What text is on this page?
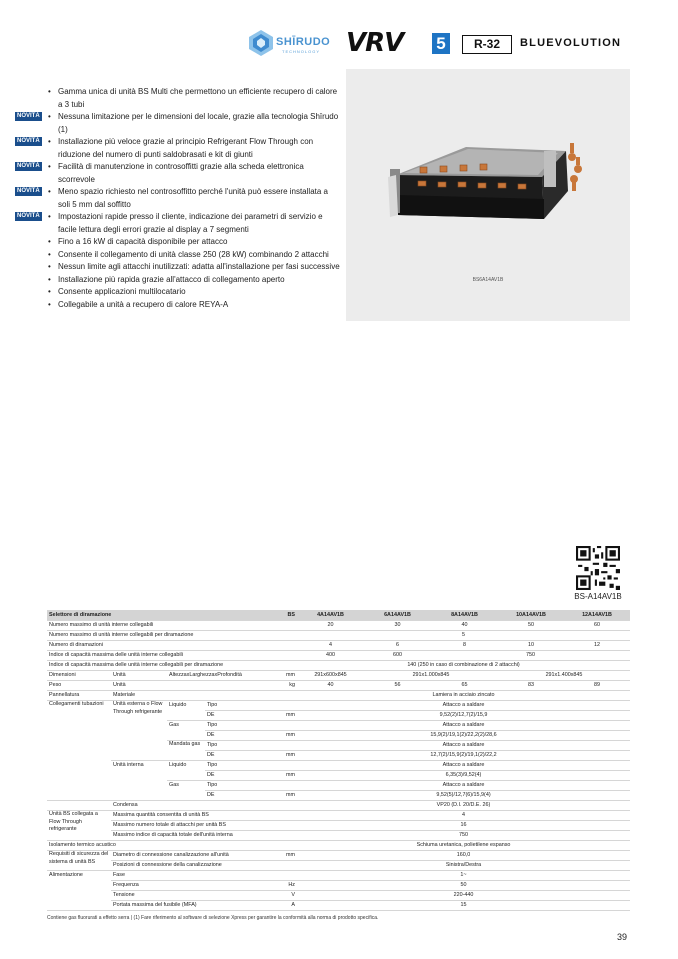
SHĪRUDO
TECHNOLOGY VRV 5	R-32	BLUEVOLUTION
• Gamma unica di unità BS Multi che permettono un efficiente recupero di calore a 3 tubi
NOVITÀ • Nessuna limitazione per le dimensioni del locale, grazie alla tecnologia Shīrudo (1)
NOVITÀ • Installazione più veloce grazie al principio Refrigerant Flow Through con riduzione del numero di punti saldobrasati e kit di giunti
NOVITÀ • Facilità di manutenzione in controsoffitti grazie alla scheda elettronica scorrevole
NOVITÀ • Meno spazio richiesto nel controsoffitto perché l'unità può essere installata a soli 5 mm dal soffitto
NOVITÀ • Impostazioni rapide presso il cliente, indicazione dei parametri di servizio e facile lettura degli errori grazie al display a 7 segmenti
• Fino a 16 kW di capacità disponibile per attacco
• Consente il collegamento di unità classe 250 (28 kW) combinando 2 attacchi
• Nessun limite agli attacchi inutilizzati: adatta all'installazione per fasi successive
• Installazione più rapida grazie all'attacco di collegamento aperto
• Consente applicazioni multilocatario
• Collegabile a unità a recupero di calore REYA-A
BS6A14AV1B
BS-A14AV1B
Selettore di diramazione				BS	4A14AV1B	6A14AV1B	8A14AV1B	10A14AV1B	12A14AV1B
Numero massimo di unità interne collegabili					20	30	40	50	60
Numero massimo di unità interne collegabili per diramazione					5				
Numero di diramazioni					4	6	8	10	12
Indice di capacità massima delle unità interne collegabili					400	600	750		
Indice di capacità massima delle unità interne collegabili per diramazione					140 (250 in caso di combinazione di 2 attacchi)				
Dimensioni	Unità	AltezzaxLarghezzaxProfondità		mm	291x600x845	291x1.000x845		291x1.400x845	
Peso	Unità			kg	40	56	65	83	89
Pannellatura	Materiale				Lamiera in acciaio zincato				
Collegamenti tubazioni	Unità esterna o Flow Through refrigerante	Liquido	Tipo		Attacco a saldare				
			DE	mm	9,52(2)/12,7(2)/15,9				
		Gas	Tipo		Attacco a saldare				
			DE	mm	15,9(2)/19,1(2)/22,2(2)/28,6				
		Mandata gas	Tipo		Attacco a saldare				
			DE	mm	12,7(2)/15,9(2)/19,1(2)/22,2				
	Unità interna	Liquido	Tipo		Attacco a saldare				
			DE	mm	6,35(3)/9,52(4)				
		Gas	Tipo		Attacco a saldare				
			DE	mm	9,52(5)/12,7(6)/15,9(4)				
	Condensa				VP20 (D.I. 20/D.E. 26)				
Unità BS collegata a Flow Through refrigerante	Massima quantità consentita di unità BS				4				
	Massimo numero totale di attacchi per unità BS				16				
	Massimo indice di capacità totale dell'unità interna				750				
Isolamento termico acustico					Schiuma uretanica, polietilene espanso				
Requisiti di sicurezza del sistema di unità BS	Diametro di connessione canalizzazione all'unità			mm	160,0				
	Posizioni di connessione della canalizzazione				Sinistra/Destra				
Alimentazione	Fase				1~				
	Frequenza			Hz	50				
	Tensione			V	220-440				
	Portata massima del fusibile (MFA)			A	15				
Contiene gas fluorurati a effetto serra | (1) Fare riferimento al software di selezione Xpress per garantire la conformità alla norma di prodotto specifica.
39
